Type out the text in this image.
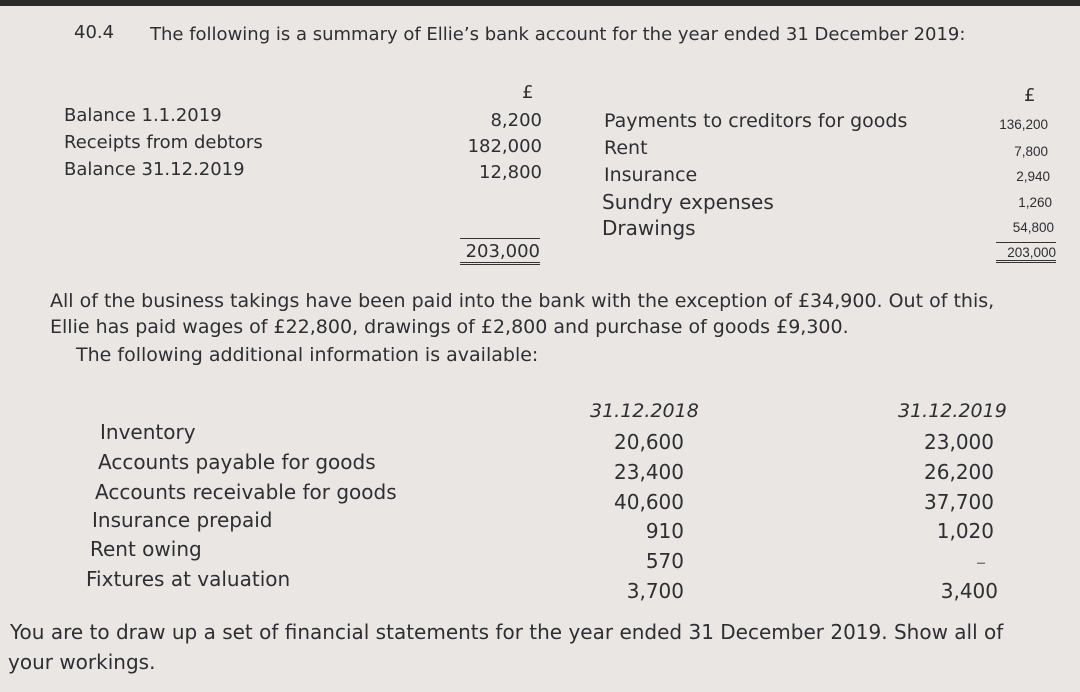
40.4 The following is a summary of Ellie’s bank account for the year ended 31 December 2019:
£
Balance 1.1.2019
Receipts from debtors
Balance 31.12.2019
8,200
182,000
12,800
203,000
£
Payments to creditors for goods
Rent
Insurance
Sundry expenses
Drawings
136,200
7,800
2,940
1,260
54,800
203,000
All of the business takings have been paid into the bank with the exception of £34,900. Out of this,
Ellie has paid wages of £22,800, drawings of £2,800 and purchase of goods £9,300.
The following additional information is available:
31.12.2018	31.12.2019
Inventory
Accounts payable for goods
Accounts receivable for goods
Insurance prepaid
Rent owing
Fixtures at valuation
20,600
23,400
40,600
910
570
3,700
23,000
26,200
37,700
1,020
–
3,400
You are to draw up a set of financial statements for the year ended 31 December 2019. Show all of
your workings.
